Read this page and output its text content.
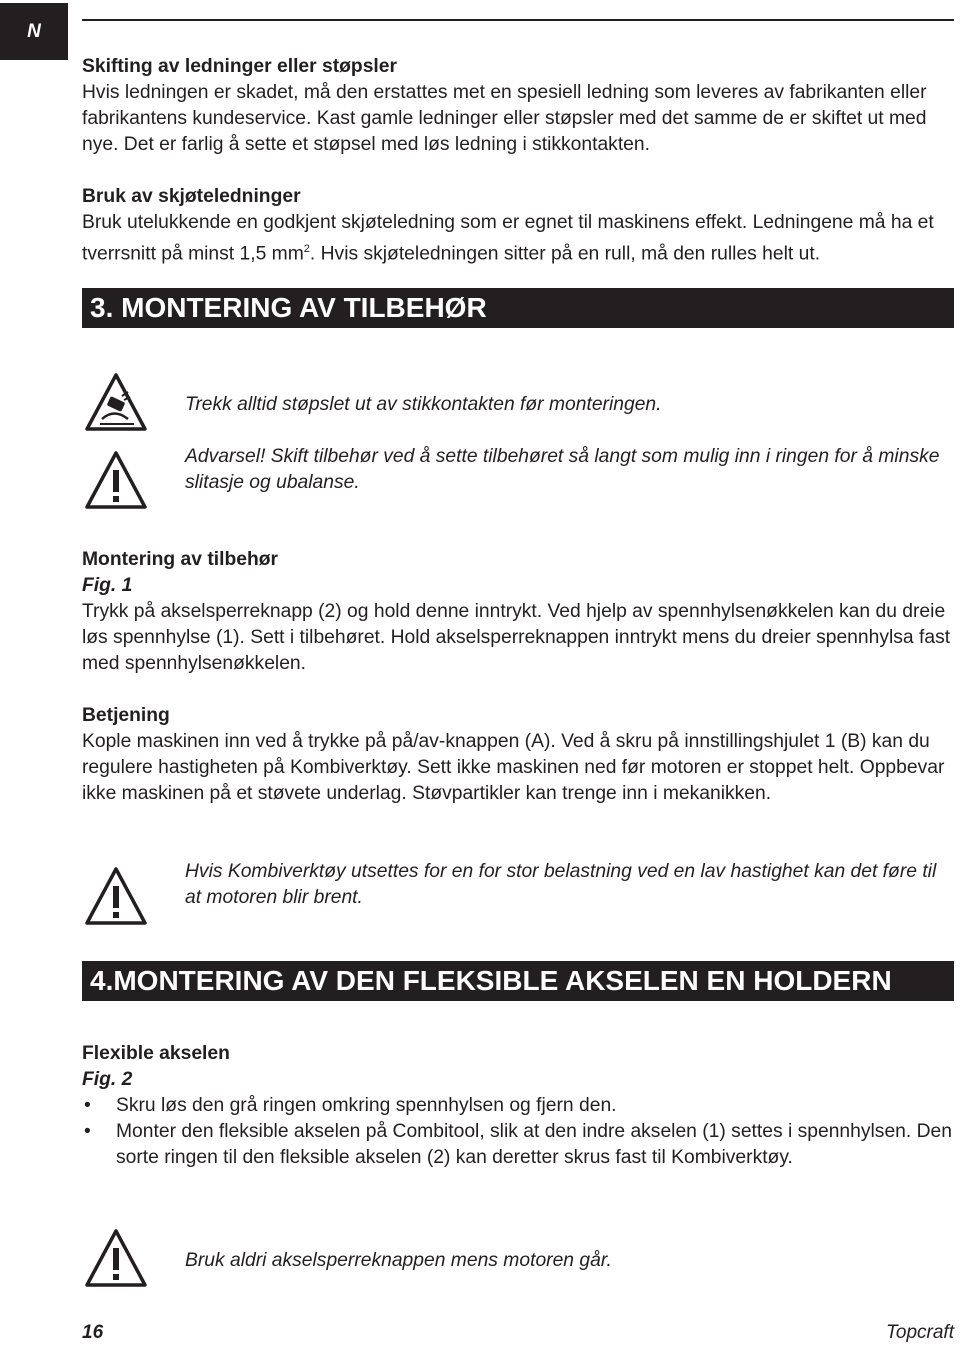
N

Skifting av ledninger eller støpsler

Hvis ledningen er skadet, må den erstattes met en spesiell ledning som leveres av fabrikanten eller fabrikantens kundeservice. Kast gamle ledninger eller støpsler med det samme de er skiftet ut med nye. Det er farlig å sette et støpsel med løs ledning i stikkontakten.

Bruk av skjøteledninger

Bruk utelukkende en godkjent skjøteledning som er egnet til maskinens effekt. Ledningene må ha et tverrsnitt på minst 1,5 $mm^2$. Hvis skjøteledningen sitter på en rull, må den rulles helt ut.

3. MONTERING AV TILBEHØR

Trekk alltid støpslet ut av stikkontakten før monteringen.

Advarsel! Skift tilbehør ved å sette tilbehøret så langt som mulig inn i ringen for å minske slitasje og ubalanse.

Montering av tilbehør

Fig. 1

Trykk på akselsperreknapp (2) og hold denne inntrykt. Ved hjelp av spennhylsenøkkelen kan du dreie løs spennhylse (1). Sett i tilbehøret. Hold akselsperreknappen inntrykt mens du dreier spennhylsa fast med spennhylsenøkkelen.

Betjening

Kople maskinen inn ved å trykke på på/av-knappen (A). Ved å skru på innstillingshjulet 1 (B) kan du regulere hastigheten på Kombiverktøy. Sett ikke maskinen ned før motoren er stoppet helt. Oppbevar ikke maskinen på et støvete underlag. Støvpartikler kan trenge inn i mekanikken.

Hvis Kombiverktøy utsettes for en for stor belastning ved en lav hastighet kan det føre til at motoren blir brent.

4.MONTERING AV DEN FLEKSIBLE AKSELEN EN HOLDERN

Flexible akselen

Fig. 2

• Skru løs den grå ringen omkring spennhylsen og fjern den.
• Monter den fleksible akselen på Combitool, slik at den indre akselen (1) settes i spennhylsen. Den sorte ringen til den fleksible akselen (2) kan deretter skrus fast til Kombiverktøy.

Bruk aldri akselsperreknappen mens motoren går.

16	Topcraft
